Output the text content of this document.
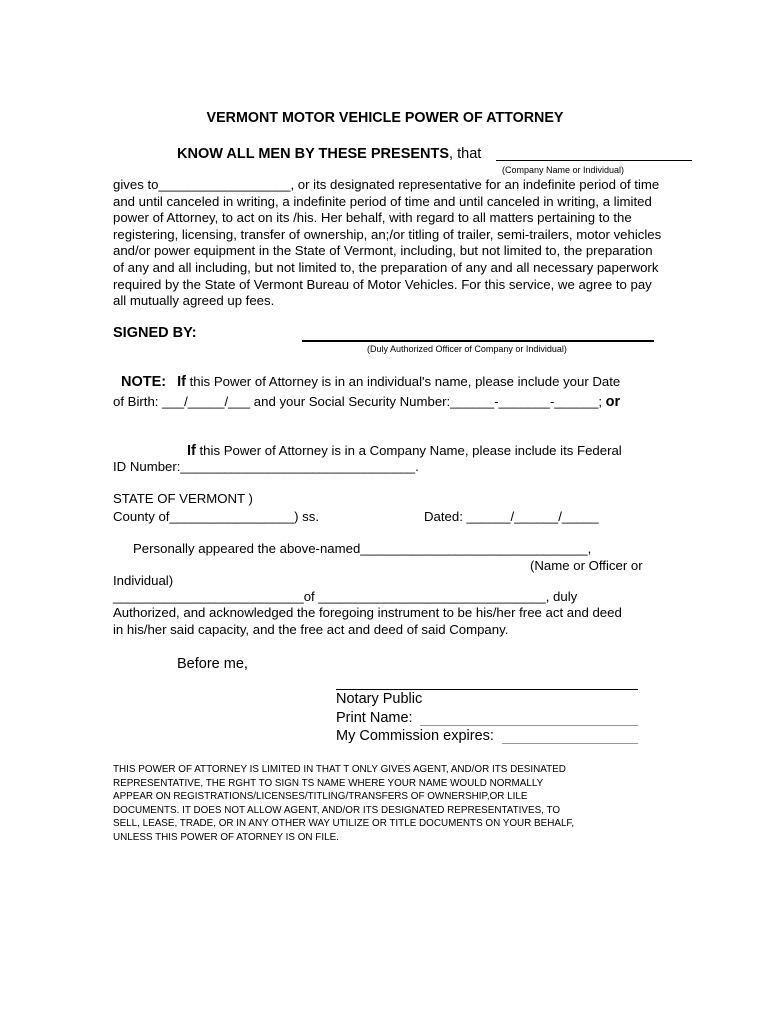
VERMONT MOTOR VEHICLE POWER OF ATTORNEY
KNOW ALL MEN BY THESE PRESENTS, that
(Company Name or Individual)
gives to__________________, or its designated representative for an indefinite period of time
and until canceled in writing, a indefinite period of time and until canceled in writing, a limited
power of Attorney, to act on its /his. Her behalf, with regard to all matters pertaining to the
registering, licensing, transfer of ownership, an;/or titling of trailer, semi-trailers, motor vehicles
and/or power equipment in the State of Vermont, including, but not limited to, the preparation
of any and all including, but not limited to, the preparation of any and all necessary paperwork
required by the State of Vermont Bureau of Motor Vehicles. For this service, we agree to pay
all mutually agreed up fees.
SIGNED BY:
(Duly Authorized Officer of Company or Individual)
NOTE: If this Power of Attorney is in an individual's name, please include your Date
of Birth: ___/_____/___ and your Social Security Number:______-_______-______; or
If this Power of Attorney is in a Company Name, please include its Federal
ID Number:________________________________.
STATE OF VERMONT )
County of_________________) ss.	Dated: ______/______/_____
Personally appeared the above-named_______________________________,
(Name or Officer or
Individual)
__________________________of _______________________________, duly
Authorized, and acknowledged the foregoing instrument to be his/her free act and deed
in his/her said capacity, and the free act and deed of said Company.
Before me,
Notary Public
Print Name:
My Commission expires:
THIS POWER OF ATTORNEY IS LIMITED IN THAT T ONLY GIVES AGENT, AND/OR ITS DESINATED
REPRESENTATIVE, THE RGHT TO SIGN TS NAME WHERE YOUR NAME WOULD NORMALLY
APPEAR ON REGISTRATIONS/LICENSES/TITLING/TRANSFERS OF OWNERSHIP,OR LILE
DOCUMENTS. IT DOES NOT ALLOW AGENT, AND/OR ITS DESIGNATED REPRESENTATIVES, TO
SELL, LEASE, TRADE, OR IN ANY OTHER WAY UTILIZE OR TITLE DOCUMENTS ON YOUR BEHALF,
UNLESS THIS POWER OF ATORNEY IS ON FILE.
